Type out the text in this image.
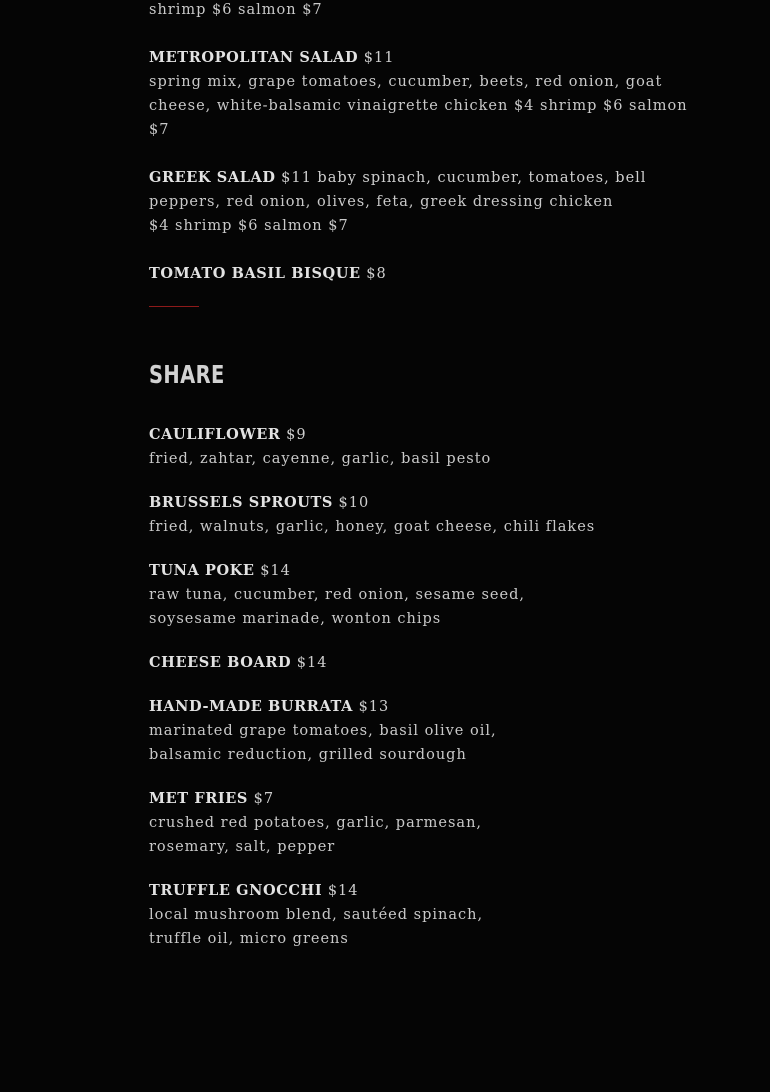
shrimp $6 salmon $7

METROPOLITAN SALAD $11

spring mix, grape tomatoes, cucumber, beets, red onion, goat

cheese, white-balsamic vinaigrette chicken $4 shrimp $6 salmon

$7

GREEK SALAD $11 baby spinach, cucumber, tomatoes, bell

peppers, red onion, olives, feta, greek dressing chicken

$4 shrimp $6 salmon $7

TOMATO BASIL BISQUE $8

SHARE

CAULIFLOWER $9

fried, zahtar, cayenne, garlic, basil pesto

BRUSSELS SPROUTS $10

fried, walnuts, garlic, honey, goat cheese, chili flakes

TUNA POKE $14

raw tuna, cucumber, red onion, sesame seed,

soysesame marinade, wonton chips

CHEESE BOARD $14

HAND-MADE BURRATA $13

marinated grape tomatoes, basil olive oil,

balsamic reduction, grilled sourdough

MET FRIES $7

crushed red potatoes, garlic, parmesan,

rosemary, salt, pepper

TRUFFLE GNOCCHI $14

local mushroom blend, sautéed spinach,

truffle oil, micro greens
